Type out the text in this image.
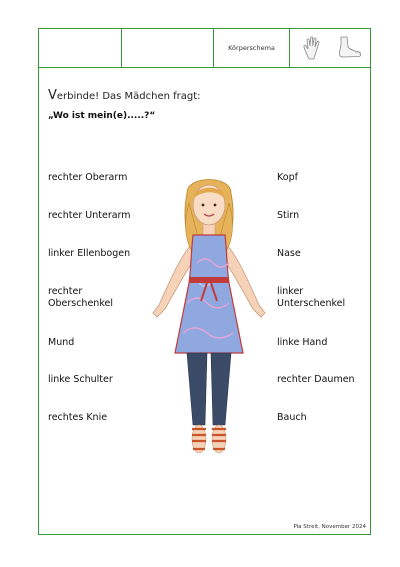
Körperschema
Verbinde! Das Mädchen fragt:
„Wo ist mein(e).....?“
rechter Oberarm
rechter Unterarm
linker Ellenbogen
rechter Oberschenkel
Mund
linke Schulter
rechtes Knie
Kopf
Stirn
Nase
linker Unterschenkel
linke Hand
rechter Daumen
Bauch
Pia Streit, November 2024
